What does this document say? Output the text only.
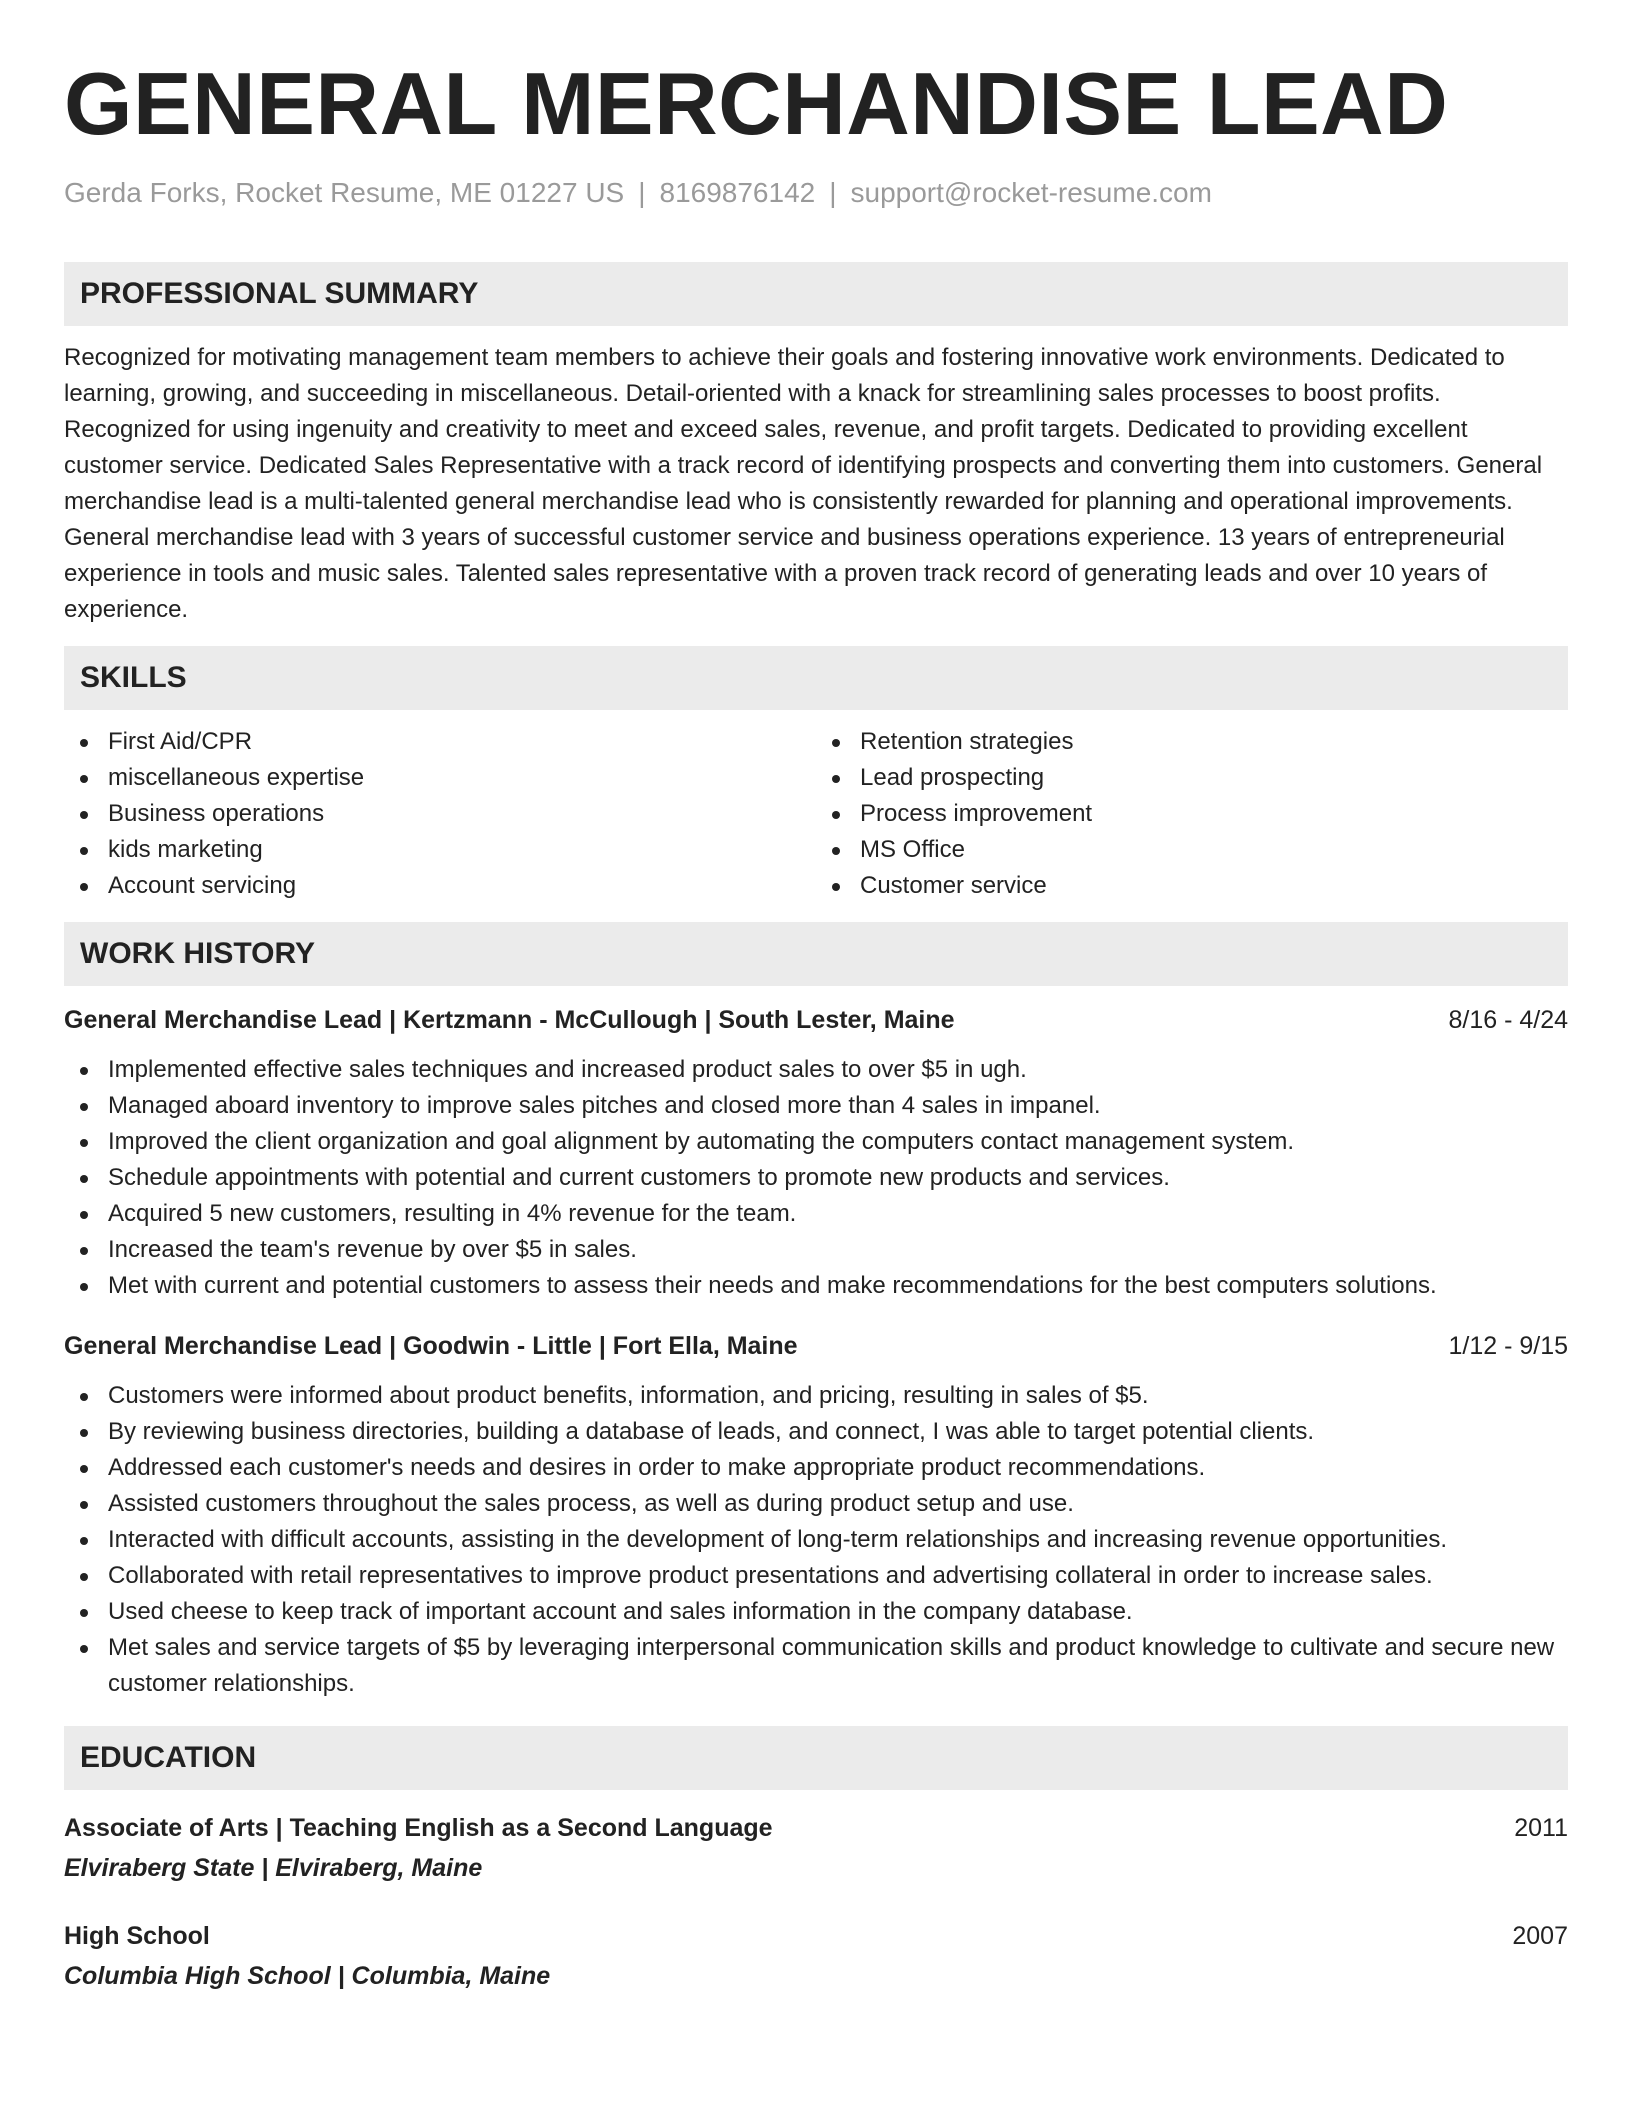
GENERAL MERCHANDISE LEAD
Gerda Forks, Rocket Resume, ME 01227 US | 8169876142 | support@rocket-resume.com
PROFESSIONAL SUMMARY
Recognized for motivating management team members to achieve their goals and fostering innovative work environments. Dedicated to learning, growing, and succeeding in miscellaneous. Detail-oriented with a knack for streamlining sales processes to boost profits. Recognized for using ingenuity and creativity to meet and exceed sales, revenue, and profit targets. Dedicated to providing excellent customer service. Dedicated Sales Representative with a track record of identifying prospects and converting them into customers. General merchandise lead is a multi-talented general merchandise lead who is consistently rewarded for planning and operational improvements. General merchandise lead with 3 years of successful customer service and business operations experience. 13 years of entrepreneurial experience in tools and music sales. Talented sales representative with a proven track record of generating leads and over 10 years of experience.
SKILLS
First Aid/CPR
miscellaneous expertise
Business operations
kids marketing
Account servicing
Retention strategies
Lead prospecting
Process improvement
MS Office
Customer service
WORK HISTORY
General Merchandise Lead | Kertzmann - McCullough | South Lester, Maine	8/16 - 4/24
Implemented effective sales techniques and increased product sales to over $5 in ugh.
Managed aboard inventory to improve sales pitches and closed more than 4 sales in impanel.
Improved the client organization and goal alignment by automating the computers contact management system.
Schedule appointments with potential and current customers to promote new products and services.
Acquired 5 new customers, resulting in 4% revenue for the team.
Increased the team's revenue by over $5 in sales.
Met with current and potential customers to assess their needs and make recommendations for the best computers solutions.
General Merchandise Lead | Goodwin - Little | Fort Ella, Maine	1/12 - 9/15
Customers were informed about product benefits, information, and pricing, resulting in sales of $5.
By reviewing business directories, building a database of leads, and connect, I was able to target potential clients.
Addressed each customer's needs and desires in order to make appropriate product recommendations.
Assisted customers throughout the sales process, as well as during product setup and use.
Interacted with difficult accounts, assisting in the development of long-term relationships and increasing revenue opportunities.
Collaborated with retail representatives to improve product presentations and advertising collateral in order to increase sales.
Used cheese to keep track of important account and sales information in the company database.
Met sales and service targets of $5 by leveraging interpersonal communication skills and product knowledge to cultivate and secure new customer relationships.
EDUCATION
Associate of Arts | Teaching English as a Second Language	2011
Elviraberg State | Elviraberg, Maine
High School	2007
Columbia High School | Columbia, Maine
